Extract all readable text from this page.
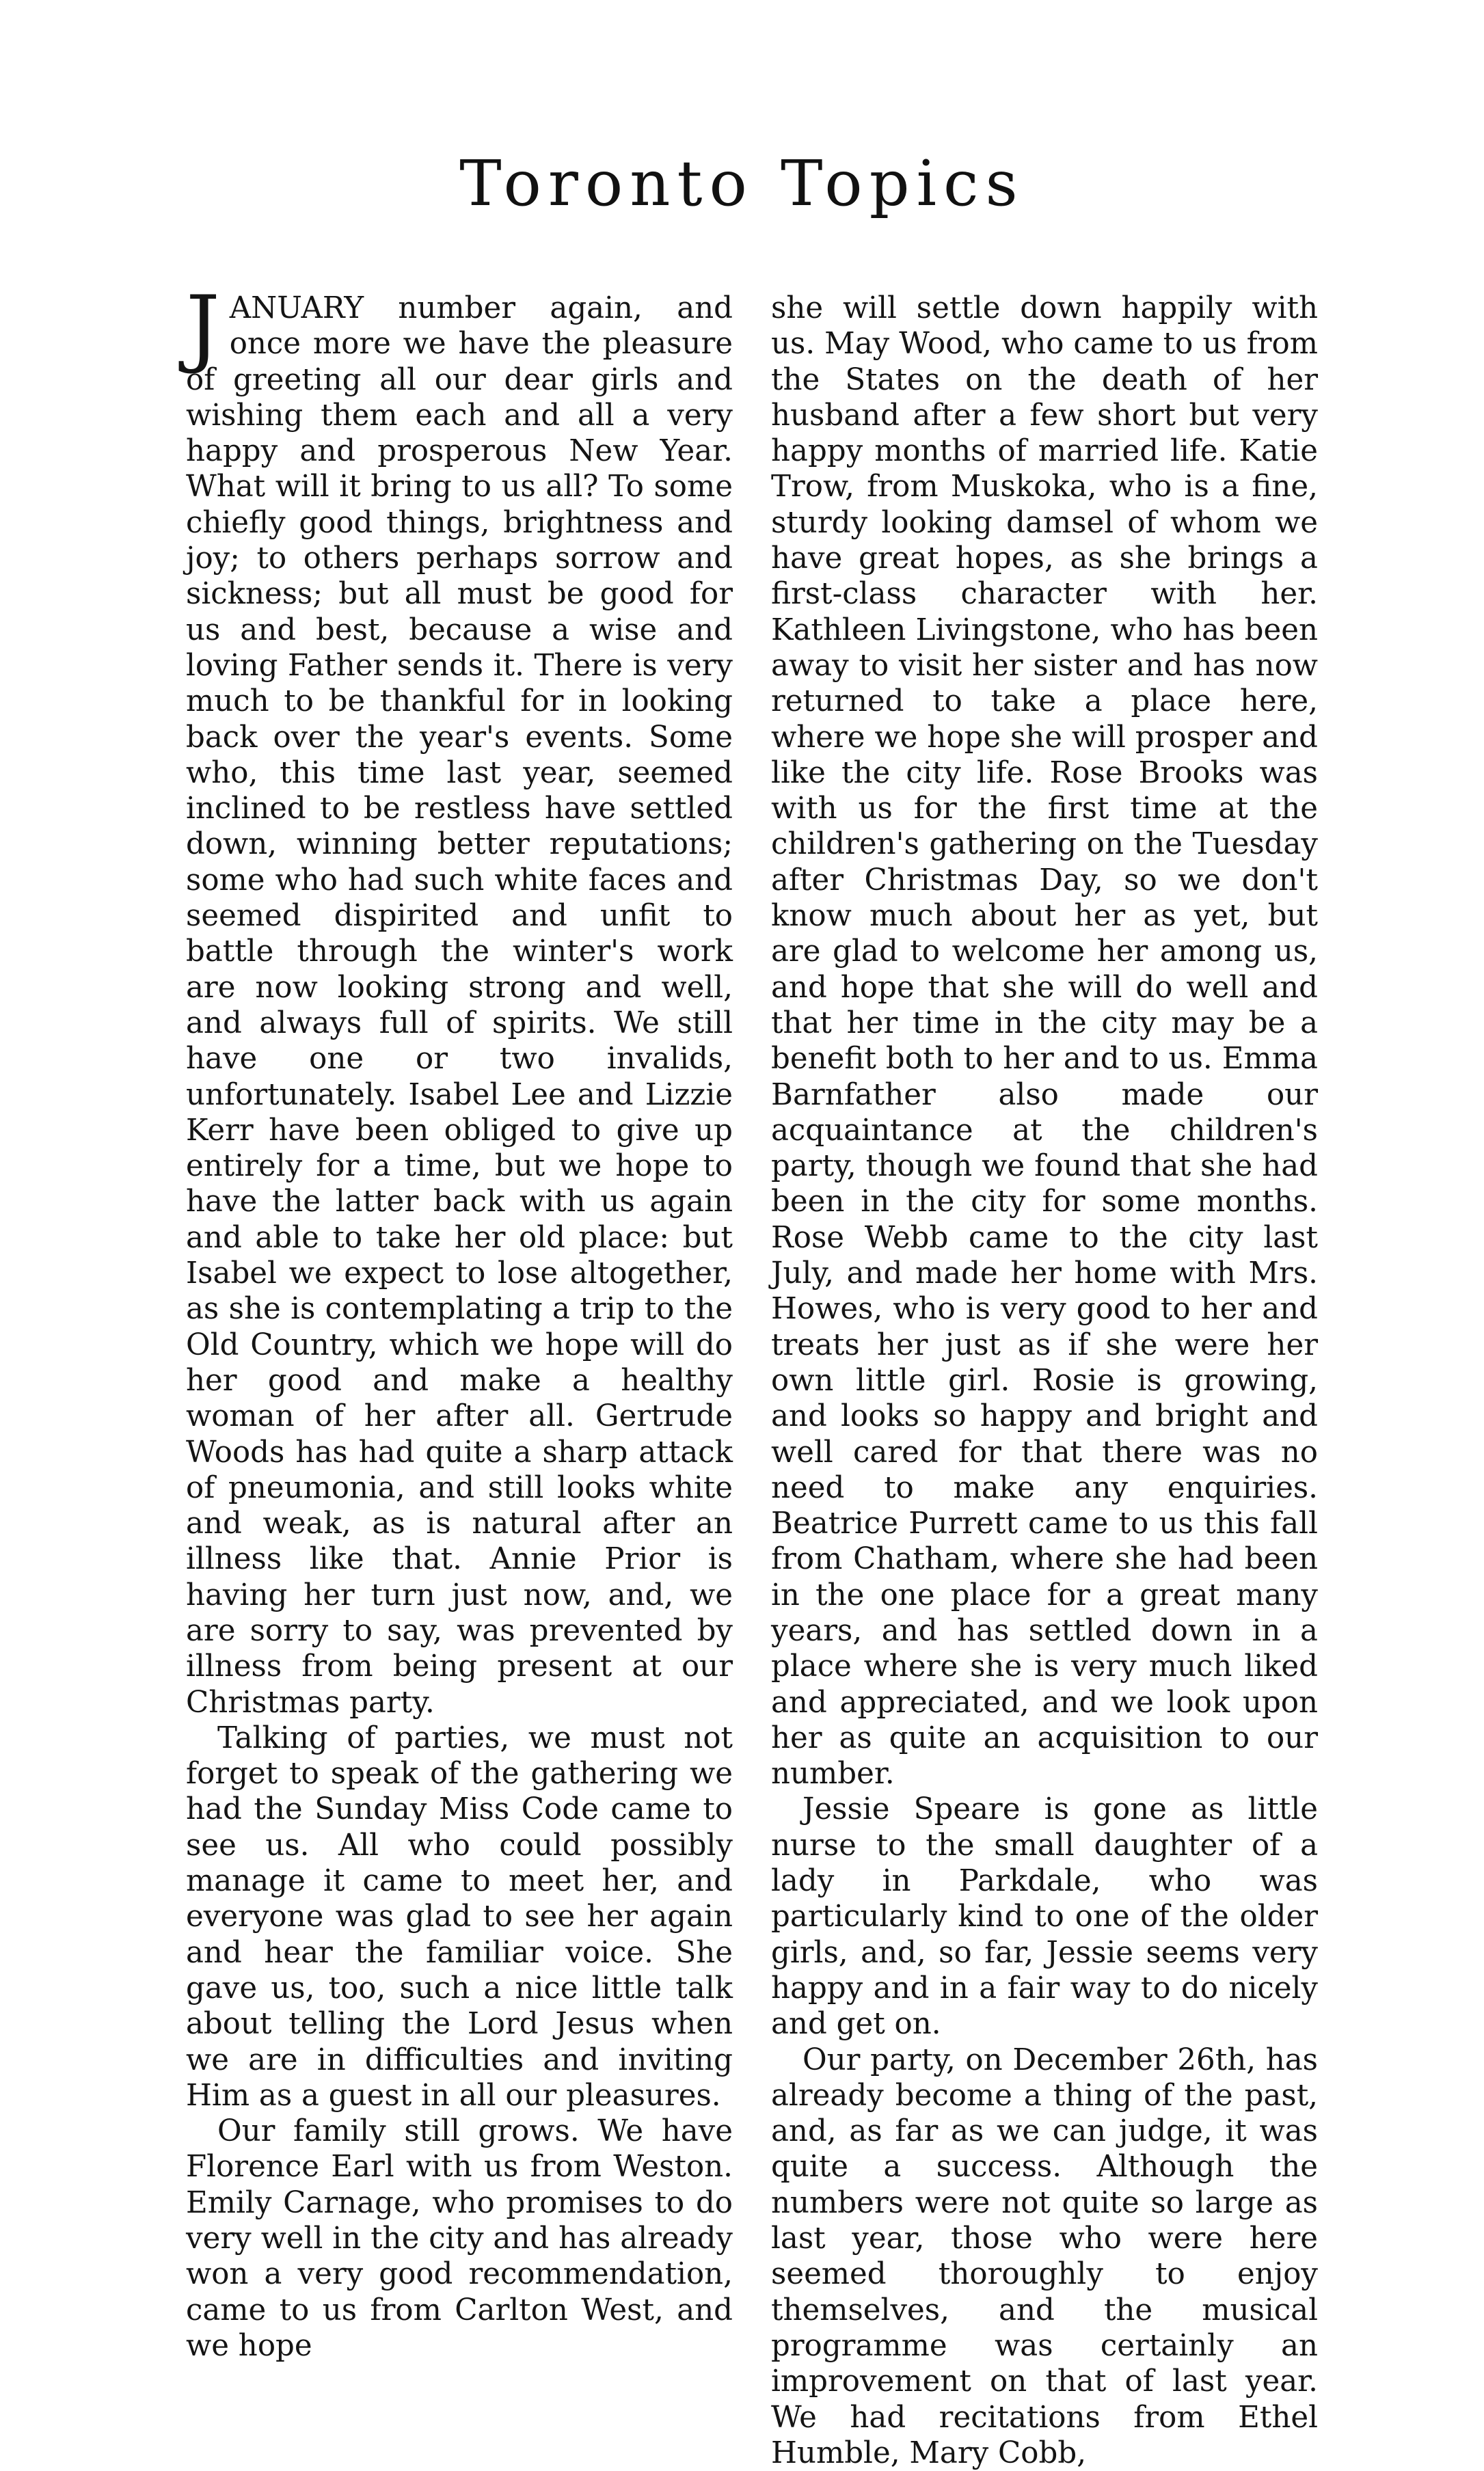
Toronto Topics

JANUARY number again, and once more we have the pleasure of greeting all our dear girls and wishing them each and all a very happy and prosperous New Year. What will it bring to us all? To some chiefly good things, brightness and joy; to others perhaps sorrow and sickness; but all must be good for us and best, because a wise and loving Father sends it. There is very much to be thankful for in looking back over the year's events. Some who, this time last year, seemed inclined to be restless have settled down, winning better reputations; some who had such white faces and seemed dispirited and unfit to battle through the winter's work are now looking strong and well, and always full of spirits. We still have one or two invalids, unfortunately. Isabel Lee and Lizzie Kerr have been obliged to give up entirely for a time, but we hope to have the latter back with us again and able to take her old place: but Isabel we expect to lose altogether, as she is contemplating a trip to the Old Country, which we hope will do her good and make a healthy woman of her after all. Gertrude Woods has had quite a sharp attack of pneumonia, and still looks white and weak, as is natural after an illness like that. Annie Prior is having her turn just now, and, we are sorry to say, was prevented by illness from being present at our Christmas party.

Talking of parties, we must not forget to speak of the gathering we had the Sunday Miss Code came to see us. All who could possibly manage it came to meet her, and everyone was glad to see her again and hear the familiar voice. She gave us, too, such a nice little talk about telling the Lord Jesus when we are in difficulties and inviting Him as a guest in all our pleasures.

Our family still grows. We have Florence Earl with us from Weston. Emily Carnage, who promises to do very well in the city and has already won a very good recommendation, came to us from Carlton West, and we hope

she will settle down happily with us. May Wood, who came to us from the States on the death of her husband after a few short but very happy months of married life. Katie Trow, from Muskoka, who is a fine, sturdy looking damsel of whom we have great hopes, as she brings a first-class character with her. Kathleen Livingstone, who has been away to visit her sister and has now returned to take a place here, where we hope she will prosper and like the city life. Rose Brooks was with us for the first time at the children's gathering on the Tuesday after Christmas Day, so we don't know much about her as yet, but are glad to welcome her among us, and hope that she will do well and that her time in the city may be a benefit both to her and to us. Emma Barnfather also made our acquaintance at the children's party, though we found that she had been in the city for some months. Rose Webb came to the city last July, and made her home with Mrs. Howes, who is very good to her and treats her just as if she were her own little girl. Rosie is growing, and looks so happy and bright and well cared for that there was no need to make any enquiries. Beatrice Purrett came to us this fall from Chatham, where she had been in the one place for a great many years, and has settled down in a place where she is very much liked and appreciated, and we look upon her as quite an acquisition to our number.

Jessie Speare is gone as little nurse to the small daughter of a lady in Parkdale, who was particularly kind to one of the older girls, and, so far, Jessie seems very happy and in a fair way to do nicely and get on.

Our party, on December 26th, has already become a thing of the past, and, as far as we can judge, it was quite a success. Although the numbers were not quite so large as last year, those who were here seemed thoroughly to enjoy themselves, and the musical programme was certainly an improvement on that of last year. We had recitations from Ethel Humble, Mary Cobb,
